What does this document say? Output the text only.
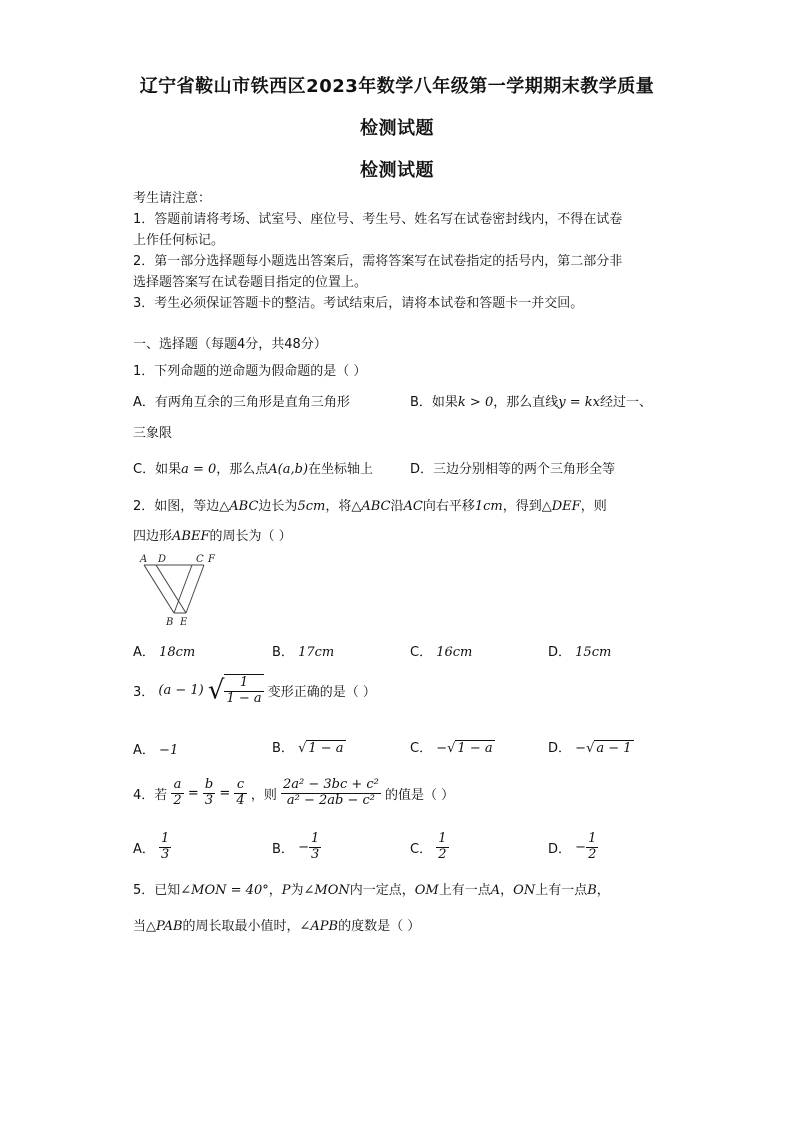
辽宁省鞍山市铁西区2023年数学八年级第一学期期末教学质量
检测试题
检测试题
考生请注意：
1．答题前请将考场、试室号、座位号、考生号、姓名写在试卷密封线内，不得在试卷
上作任何标记。
2．第一部分选择题每小题选出答案后，需将答案写在试卷指定的括号内，第二部分非
选择题答案写在试卷题目指定的位置上。
3．考生必须保证答题卡的整洁。考试结束后，请将本试卷和答题卡一并交回。
一、选择题（每题4分，共48分）
1．下列命题的逆命题为假命题的是（ ）
A．有两角互余的三角形是直角三角形	B．如果k > 0，那么直线y = kx经过一、
三象限
C．如果a = 0，那么点A(a,b)在坐标轴上	D．三边分别相等的两个三角形全等
2．如图，等边△ABC边长为5cm，将△ABC沿AC向右平移1cm，得到△DEF，则
四边形ABEF的周长为（ ）
A D	C F
B E
A． 18cm	B． 17cm	C． 16cm	D． 15cm
3． (a − 1) √ $\frac{1}{1 - a}$ 变形正确的是（ ）
A． −1	B． √ 1 − a	C． −√ 1 − a	D． −√ a − 1
4．若 $\frac{a}{2} = \frac{b}{3} = \frac{c}{4}$ ，则 $\frac{\text{2a² − 3bc + c²}}{\text{a² − 2ab − c²}}$ 的值是（ ）
A． $\frac{1}{3}$	B． − $\frac{1}{3}$	C． $\frac{1}{2}$	D． − $\frac{1}{2}$
5．已知∠MON = 40°，P为∠MON内一定点，OM上有一点A，ON上有一点B，
当△PAB的周长取最小值时，∠APB的度数是（ ）
